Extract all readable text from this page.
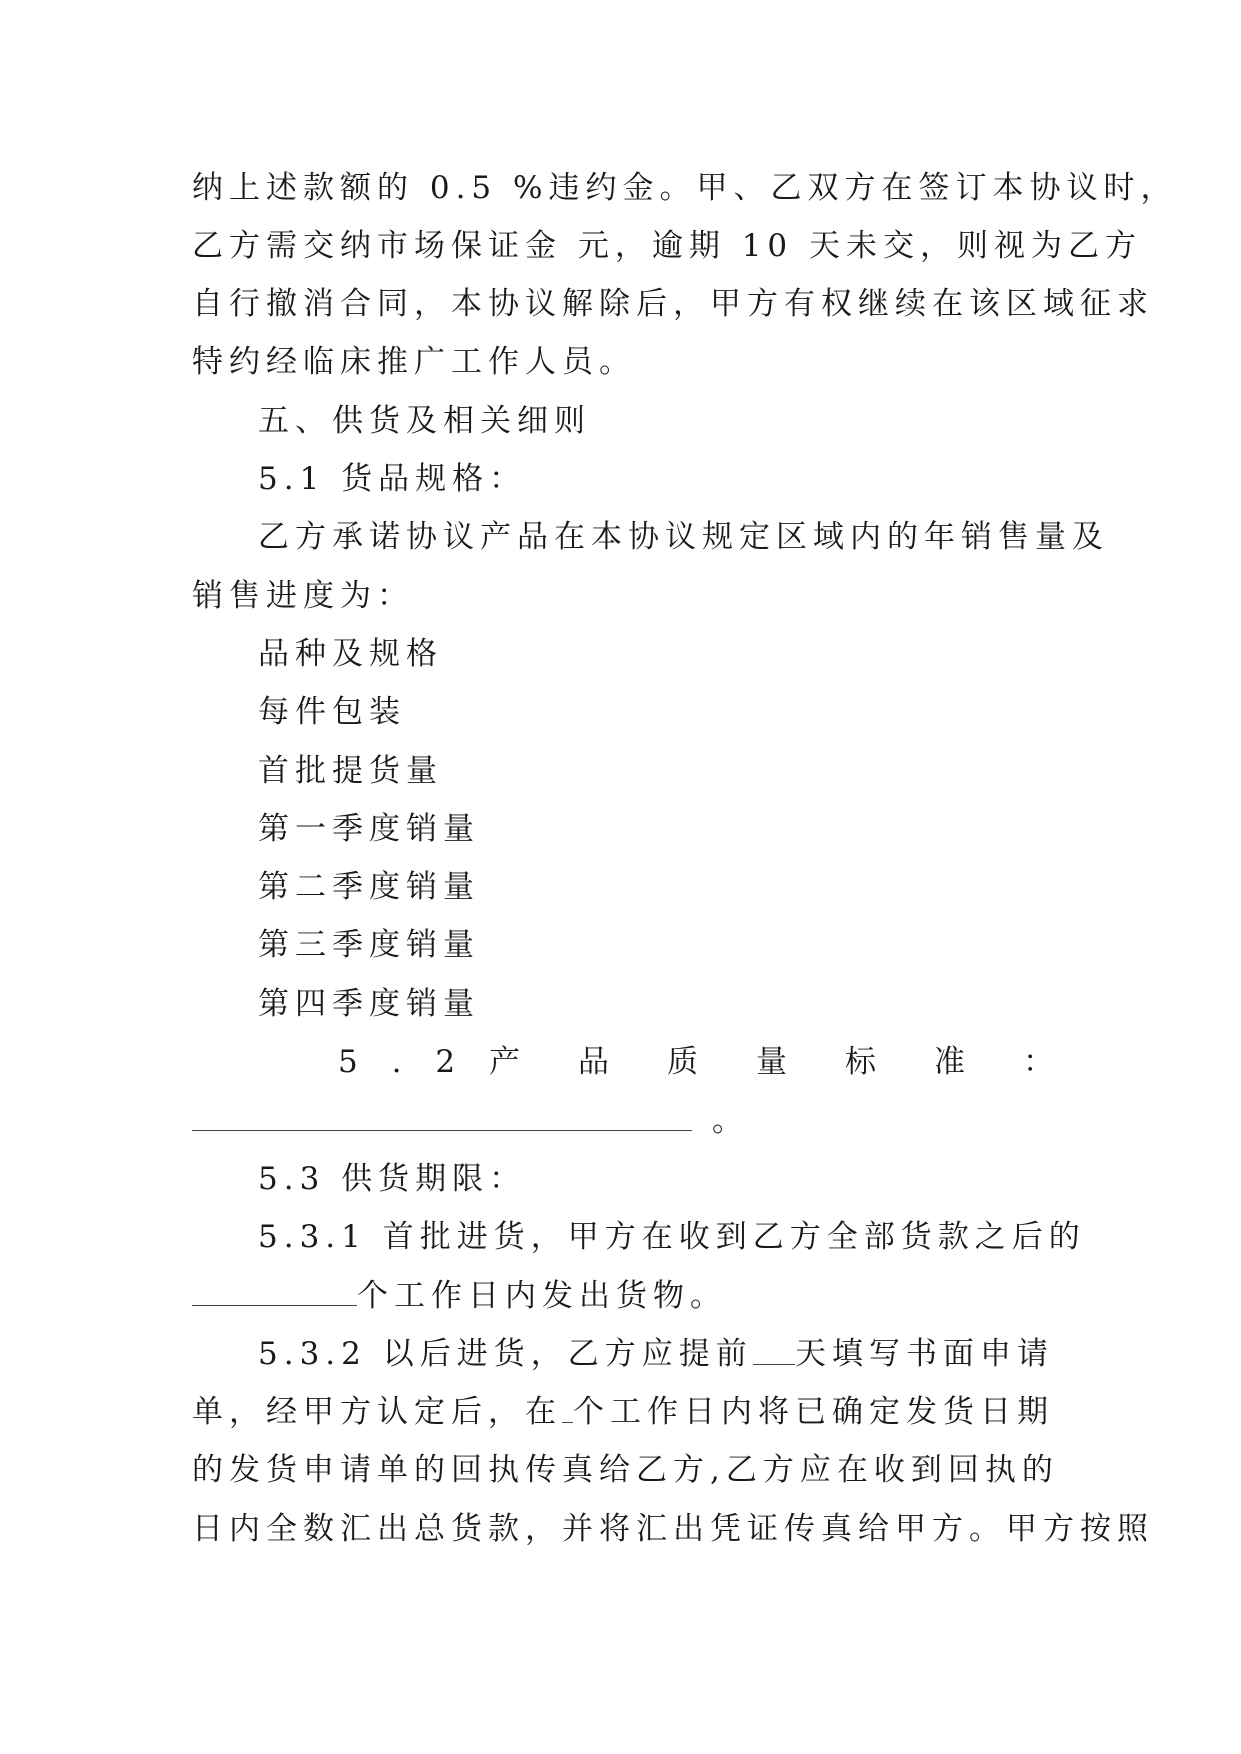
纳上述款额的 0.5 %违约金。甲、乙双方在签订本协议时，
乙方需交纳市场保证金 元，逾期 10 天未交，则视为乙方
自行撤消合同，本协议解除后，甲方有权继续在该区域征求
特约经临床推广工作人员。
五、供货及相关细则
5.1 货品规格：
乙方承诺协议产品在本协议规定区域内的年销售量及
销售进度为：
品种及规格
每件包装
首批提货量
第一季度销量
第二季度销量
第三季度销量
第四季度销量
5 . 2 产 品 质 量 标 准 ：
。
5.3 供货期限：
5.3.1 首批进货，甲方在收到乙方全部货款之后的
个工作日内发出货物。
5.3.2 以后进货，乙方应提前 天填写书面申请
单，经甲方认定后，在 个工作日内将已确定发货日期
的发货申请单的回执传真给乙方,乙方应在收到回执的
日内全数汇出总货款，并将汇出凭证传真给甲方。甲方按照
